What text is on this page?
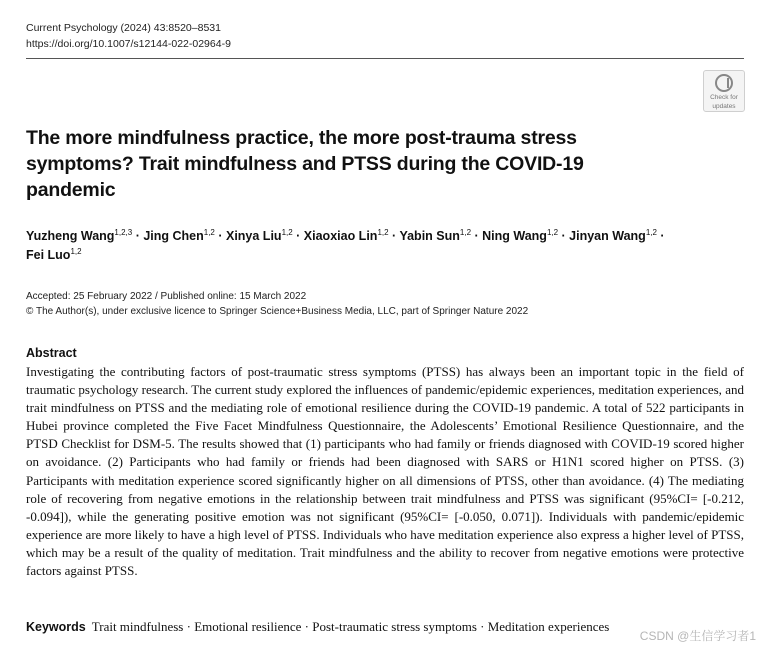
Current Psychology (2024) 43:8520–8531
https://doi.org/10.1007/s12144-022-02964-9
Check for
updates
The more mindfulness practice, the more post-trauma stress symptoms? Trait mindfulness and PTSS during the COVID-19 pandemic
Yuzheng Wang$^{1,2,3}$ · Jing Chen$^{1,2}$ · Xinya Liu$^{1,2}$ · Xiaoxiao Lin$^{1,2}$ · Yabin Sun$^{1,2}$ · Ning Wang$^{1,2}$ · Jinyan Wang$^{1,2}$ ·
Fei Luo$^{1,2}$
Accepted: 25 February 2022 / Published online: 15 March 2022
© The Author(s), under exclusive licence to Springer Science+Business Media, LLC, part of Springer Nature 2022
Abstract

Investigating the contributing factors of post-traumatic stress symptoms (PTSS) has always been an important topic in the field of traumatic psychology research. The current study explored the influences of pandemic/epidemic experiences, meditation experiences, and trait mindfulness on PTSS and the mediating role of emotional resilience during the COVID-19 pandemic. A total of 522 participants in Hubei province completed the Five Facet Mindfulness Questionnaire, the Adolescents’ Emotional Resilience Questionnaire, and the PTSD Checklist for DSM-5. The results showed that (1) participants who had family or friends diagnosed with COVID-19 scored higher on avoidance. (2) Participants who had family or friends had been diagnosed with SARS or H1N1 scored higher on PTSS. (3) Participants with meditation experience scored significantly higher on all dimensions of PTSS, other than avoidance. (4) The mediating role of recovering from negative emotions in the relationship between trait mindfulness and PTSS was significant (95%CI= [-0.212, -0.094]), while the generating positive emotion was not significant (95%CI= [-0.050, 0.071]). Individuals with pandemic/epidemic experience are more likely to have a high level of PTSS. Individuals who have meditation experience also express a higher level of PTSS, which may be a result of the quality of meditation. Trait mindfulness and the ability to recover from negative emotions were protective factors against PTSS.

Keywords Trait mindfulness · Emotional resilience · Post-traumatic stress symptoms · Meditation experiences
CSDN @生信学习者1
